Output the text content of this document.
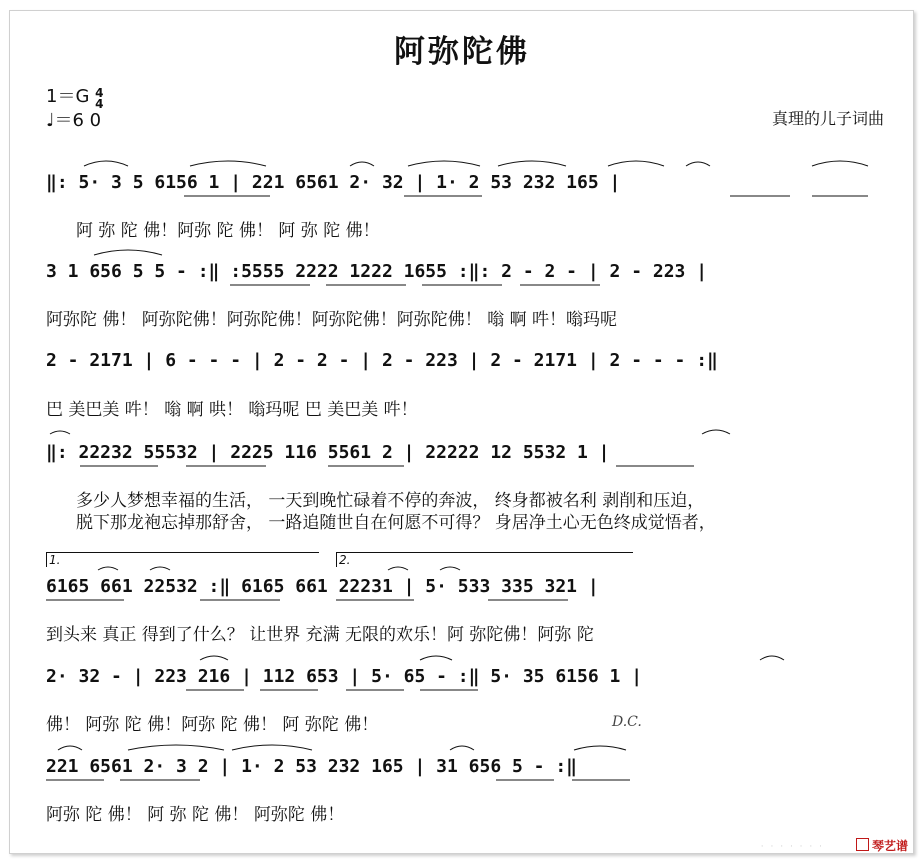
阿弥陀佛
1＝G 4
4
♩＝6 0	真理的儿子词曲
‖: 5· 3 5 6156 1 | 221 6561 2· 32 | 1· 2 53 232 165 |
阿 弥 陀 佛！阿弥 陀 佛！ 阿 弥 陀 佛！
3 1 656 5 5 - :‖ :5555 2222 1222 1655 :‖: 2 - 2 - | 2 - 223 |
阿弥陀 佛！ 阿弥陀佛！阿弥陀佛！阿弥陀佛！阿弥陀佛！ 嗡 啊 吽！嗡玛呢
2 - 2171 | 6 - - - | 2 - 2 - | 2 - 223 | 2 - 2171 | 2 - - - :‖
巴 美巴美 吽！ 嗡 啊 哄！ 嗡玛呢 巴 美巴美 吽！
‖: 22232 55532 | 2225 116 5561 2 | 22222 12 5532 1 |
多少人梦想幸福的生活， 一天到晚忙碌着不停的奔波， 终身都被名利 剥削和压迫，
脱下那龙袍忘掉那舒舍， 一路追随世自在何愿不可得？ 身居净土心无色终成觉悟者，
1.	2.
6165 661 22532 :‖ 6165 661 22231 | 5· 533 335 321 |
到头来 真正 得到了什么？ 让世界 充满 无限的欢乐！阿 弥陀佛！阿弥 陀
2· 32 - | 223 216 | 112 653 | 5· 65 - :‖ 5· 35 6156 1 |
佛！ 阿弥 陀 佛！阿弥 陀 佛！ 阿 弥陀 佛！	D.C.
221 6561 2· 3 2 | 1· 2 53 232 165 | 31 656 5 - :‖
阿弥 陀 佛！ 阿 弥 陀 佛！ 阿弥陀 佛！
· · · · · · ·	琴艺谱
